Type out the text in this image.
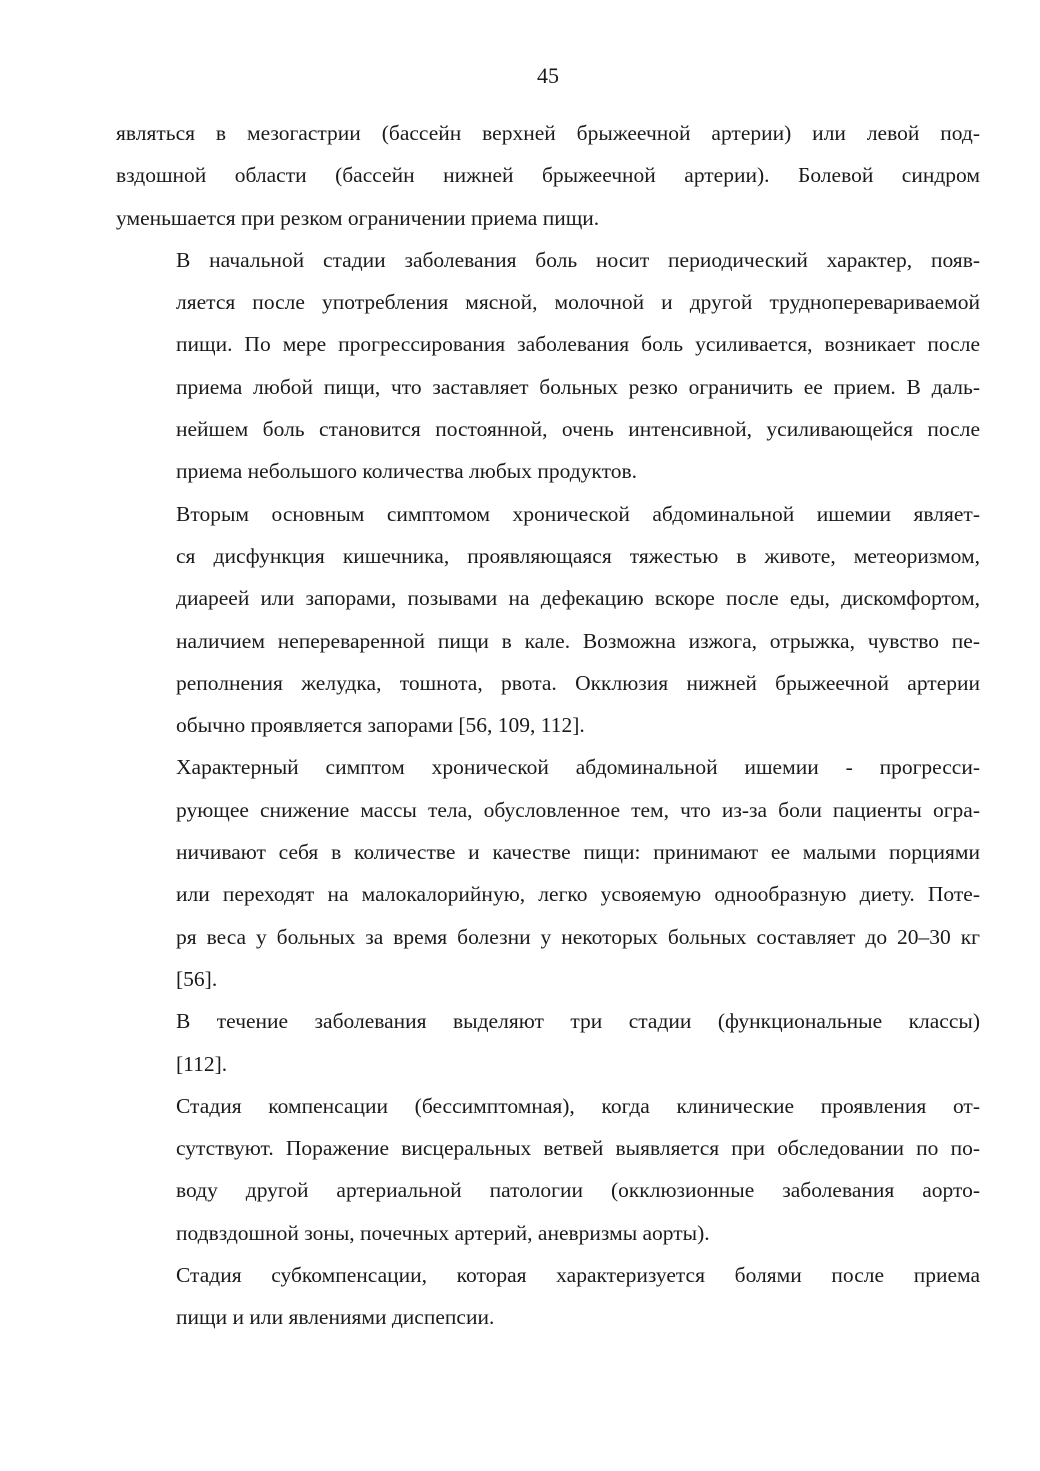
45

являться в мезогастрии (бассейн верхней брыжеечной артерии) или левой под-
вздошной области (бассейн нижней брыжеечной артерии). Болевой синдром
уменьшается при резком ограничении приема пищи.

В начальной стадии заболевания боль носит периодический характер, появ-
ляется после употребления мясной, молочной и другой трудноперевариваемой
пищи. По мере прогрессирования заболевания боль усиливается, возникает после
приема любой пищи, что заставляет больных резко ограничить ее прием. В даль-
нейшем боль становится постоянной, очень интенсивной, усиливающейся после
приема небольшого количества любых продуктов.

Вторым основным симптомом хронической абдоминальной ишемии являет-
ся дисфункция кишечника, проявляющаяся тяжестью в животе, метеоризмом,
диареей или запорами, позывами на дефекацию вскоре после еды, дискомфортом,
наличием непереваренной пищи в кале. Возможна изжога, отрыжка, чувство пе-
реполнения желудка, тошнота, рвота. Окклюзия нижней брыжеечной артерии
обычно проявляется запорами [56, 109, 112].

Характерный симптом хронической абдоминальной ишемии - прогресси-
рующее снижение массы тела, обусловленное тем, что из-за боли пациенты огра-
ничивают себя в количестве и качестве пищи: принимают ее малыми порциями
или переходят на малокалорийную, легко усвояемую однообразную диету. Поте-
ря веса у больных за время болезни у некоторых больных составляет до 20–30 кг
[56].

В течение заболевания выделяют три стадии (функциональные классы)
[112].

Стадия компенсации (бессимптомная), когда клинические проявления от-
сутствуют. Поражение висцеральных ветвей выявляется при обследовании по по-
воду другой артериальной патологии (окклюзионные заболевания аорто-
подвздошной зоны, почечных артерий, аневризмы аорты).

Стадия субкомпенсации, которая характеризуется болями после приема
пищи и или явлениями диспепсии.
